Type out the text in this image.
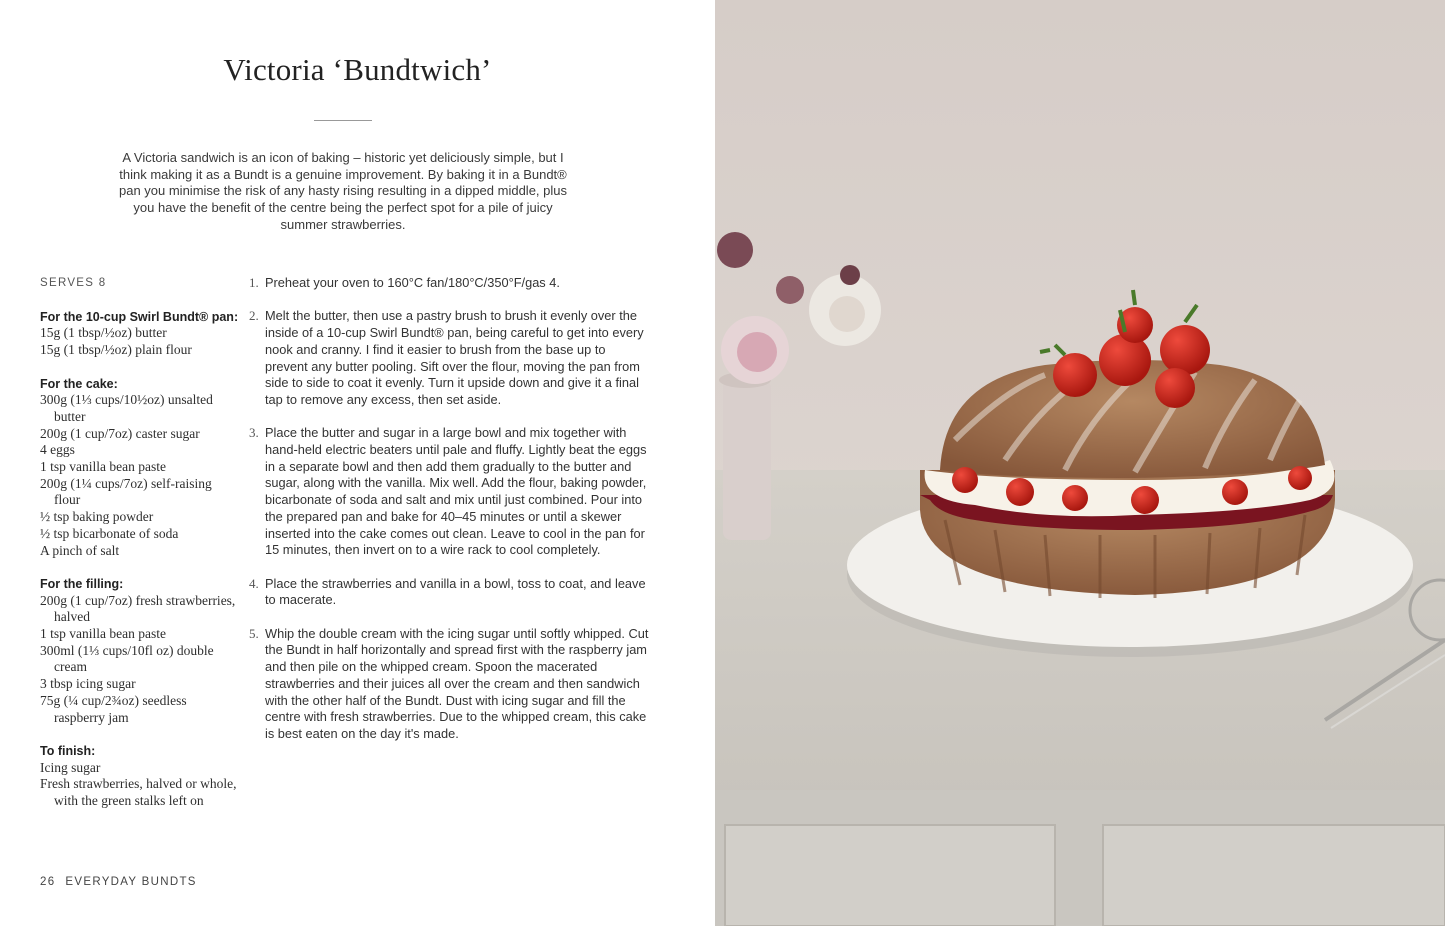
Victoria ‘Bundtwich’

A Victoria sandwich is an icon of baking – historic yet deliciously simple, but I think making it as a Bundt is a genuine improvement. By baking it in a Bundt® pan you minimise the risk of any hasty rising resulting in a dipped middle, plus you have the benefit of the centre being the perfect spot for a pile of juicy summer strawberries.

SERVES 8

For the 10-cup Swirl Bundt® pan:

15g (1 tbsp/½oz) butter
15g (1 tbsp/½oz) plain flour

For the cake:

300g (1⅓ cups/10½oz) unsalted butter
200g (1 cup/7oz) caster sugar
4 eggs
1 tsp vanilla bean paste
200g (1¼ cups/7oz) self-raising flour
½ tsp baking powder
½ tsp bicarbonate of soda
A pinch of salt

For the filling:

200g (1 cup/7oz) fresh strawberries, halved
1 tsp vanilla bean paste
300ml (1⅓ cups/10fl oz) double cream
3 tbsp icing sugar
75g (¼ cup/2¾oz) seedless raspberry jam

To finish:

Icing sugar
Fresh strawberries, halved or whole, with the green stalks left on
1. Preheat your oven to 160°C fan/180°C/350°F/gas 4.
2. Melt the butter, then use a pastry brush to brush it evenly over the inside of a 10-cup Swirl Bundt® pan, being careful to get into every nook and cranny. I find it easier to brush from the base up to prevent any butter pooling. Sift over the flour, moving the pan from side to side to coat it evenly. Turn it upside down and give it a final tap to remove any excess, then set aside.
3. Place the butter and sugar in a large bowl and mix together with hand-held electric beaters until pale and fluffy. Lightly beat the eggs in a separate bowl and then add them gradually to the butter and sugar, along with the vanilla. Mix well. Add the flour, baking powder, bicarbonate of soda and salt and mix until just combined. Pour into the prepared pan and bake for 40–45 minutes or until a skewer inserted into the cake comes out clean. Leave to cool in the pan for 15 minutes, then invert on to a wire rack to cool completely.
4. Place the strawberries and vanilla in a bowl, toss to coat, and leave to macerate.
5. Whip the double cream with the icing sugar until softly whipped. Cut the Bundt in half horizontally and spread first with the raspberry jam and then pile on the whipped cream. Spoon the macerated strawberries and their juices all over the cream and then sandwich with the other half of the Bundt. Dust with icing sugar and fill the centre with fresh strawberries. Due to the whipped cream, this cake is best eaten on the day it's made.
26 EVERYDAY BUNDTS
